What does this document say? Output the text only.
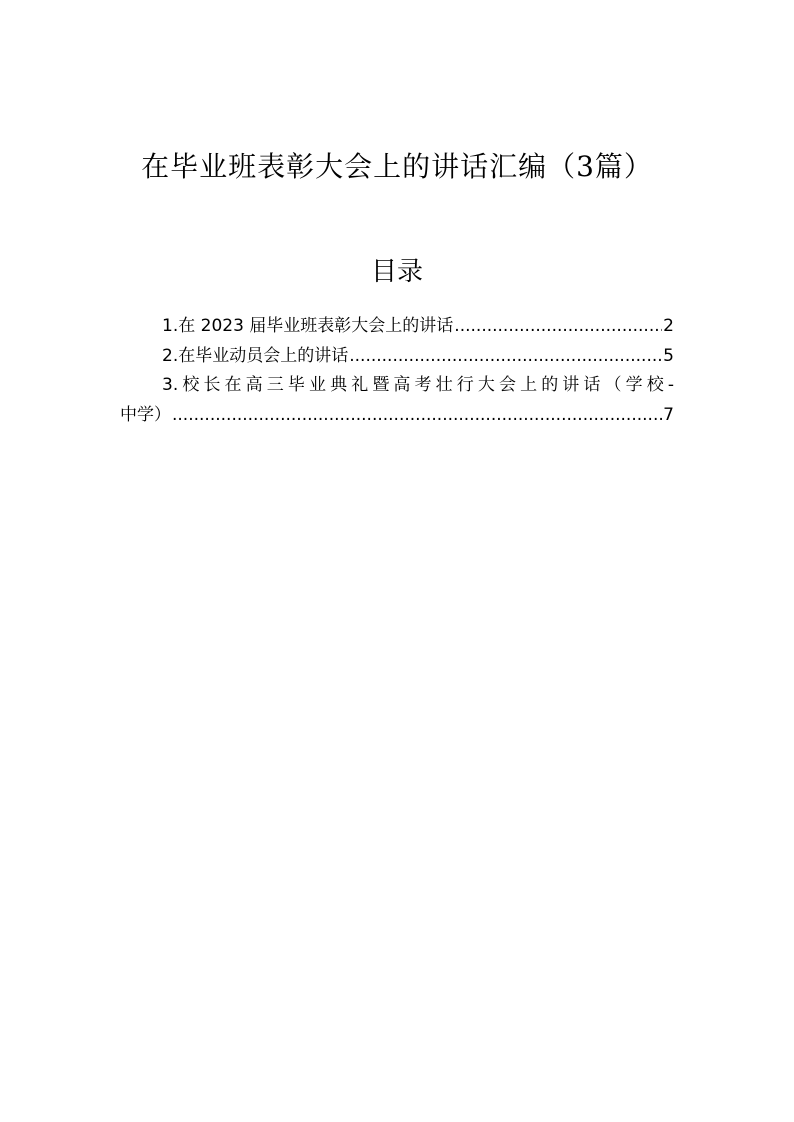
在毕业班表彰大会上的讲话汇编（3篇）
目录
1.在 2023 届毕业班表彰大会上的讲话 .....	2
2.在毕业动员会上的讲话 .....	5
3.校长在高三毕业典礼暨高考壮行大会上的讲话（学校-
中学） .....	7
